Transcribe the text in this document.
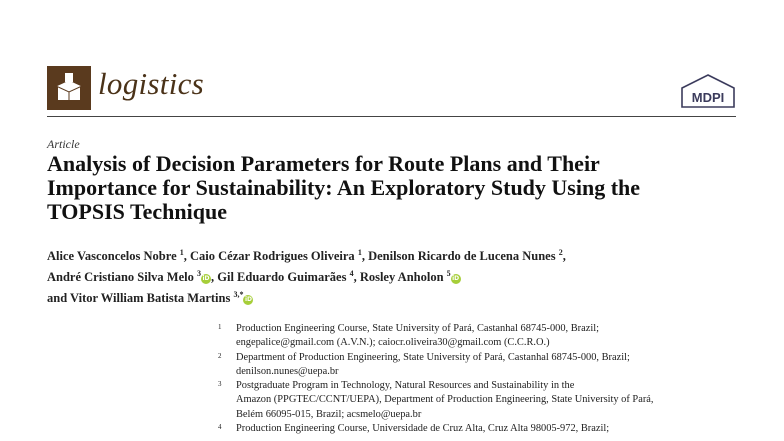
logistics	MDPI
Article
Analysis of Decision Parameters for Route Plans and Their
Importance for Sustainability: An Exploratory Study Using the
TOPSIS Technique
Alice Vasconcelos Nobre $^1$, Caio Cézar Rodrigues Oliveira $^1$, Denilson Ricardo de Lucena Nunes $^2$,
André Cristiano Silva Melo $^3$iD, Gil Eduardo Guimarães $^4$, Rosley Anholon $^5$iD
and Vitor William Batista Martins $^{3,*}$iD
1 Production Engineering Course, State University of Pará, Castanhal 68745-000, Brazil;
engepalice@gmail.com (A.V.N.); caiocr.oliveira30@gmail.com (C.C.R.O.)
2 Department of Production Engineering, State University of Pará, Castanhal 68745-000, Brazil;
denilson.nunes@uepa.br
3 Postgraduate Program in Technology, Natural Resources and Sustainability in the
Amazon (PPGTEC/CCNT/UEPA), Department of Production Engineering, State University of Pará,
Belém 66095-015, Brazil; acsmelo@uepa.br
4 Production Engineering Course, Universidade de Cruz Alta, Cruz Alta 98005-972, Brazil;
